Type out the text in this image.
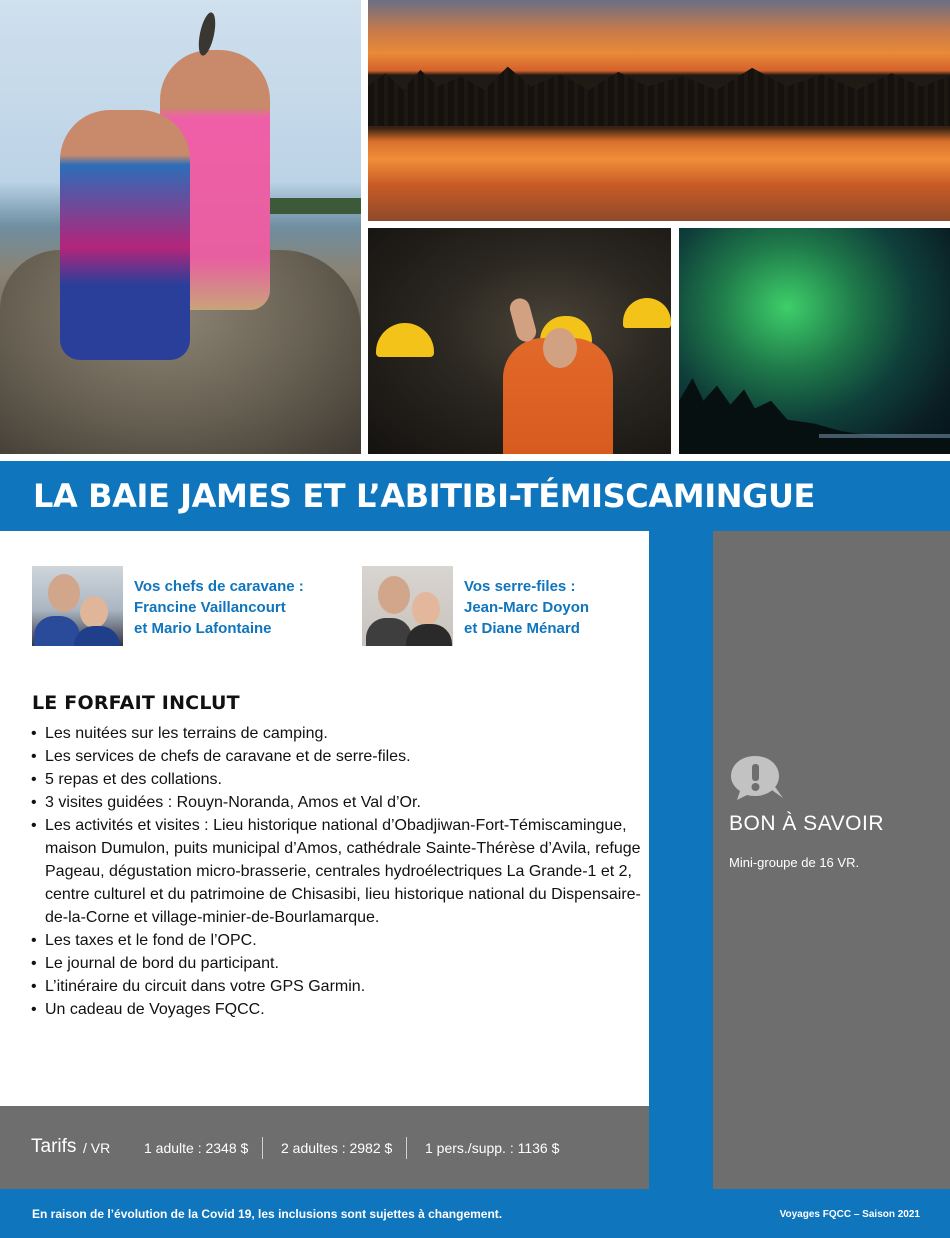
LA BAIE JAMES ET L’ABITIBI-TÉMISCAMINGUE
Vos chefs de caravane :
Francine Vaillancourt
et Mario Lafontaine
Vos serre-files :
Jean-Marc Doyon
et Diane Ménard
LE FORFAIT INCLUT
• Les nuitées sur les terrains de camping.
• Les services de chefs de caravane et de serre-files.
• 5 repas et des collations.
• 3 visites guidées : Rouyn-Noranda, Amos et Val d’Or.
• Les activités et visites : Lieu historique national d’Obadjiwan-Fort-Témiscamingue, maison Dumulon, puits municipal d’Amos, cathédrale Sainte-Thérèse d’Avila, refuge Pageau, dégustation micro-brasserie, centrales hydroélectriques La Grande-1 et 2, centre culturel et du patrimoine de Chisasibi, lieu historique national du Dispensaire-de-la-Corne et village-minier-de-Bourlamarque.
• Les taxes et le fond de l’OPC.
• Le journal de bord du participant.
• L’itinéraire du circuit dans votre GPS Garmin.
• Un cadeau de Voyages FQCC.
BON À SAVOIR
Mini-groupe de 16 VR.
Tarifs / VR 1 adulte : 2348 $ 2 adultes : 2982 $ 1 pers./supp. : 1136 $
En raison de l’évolution de la Covid 19, les inclusions sont sujettes à changement.	Voyages FQCC – Saison 2021
